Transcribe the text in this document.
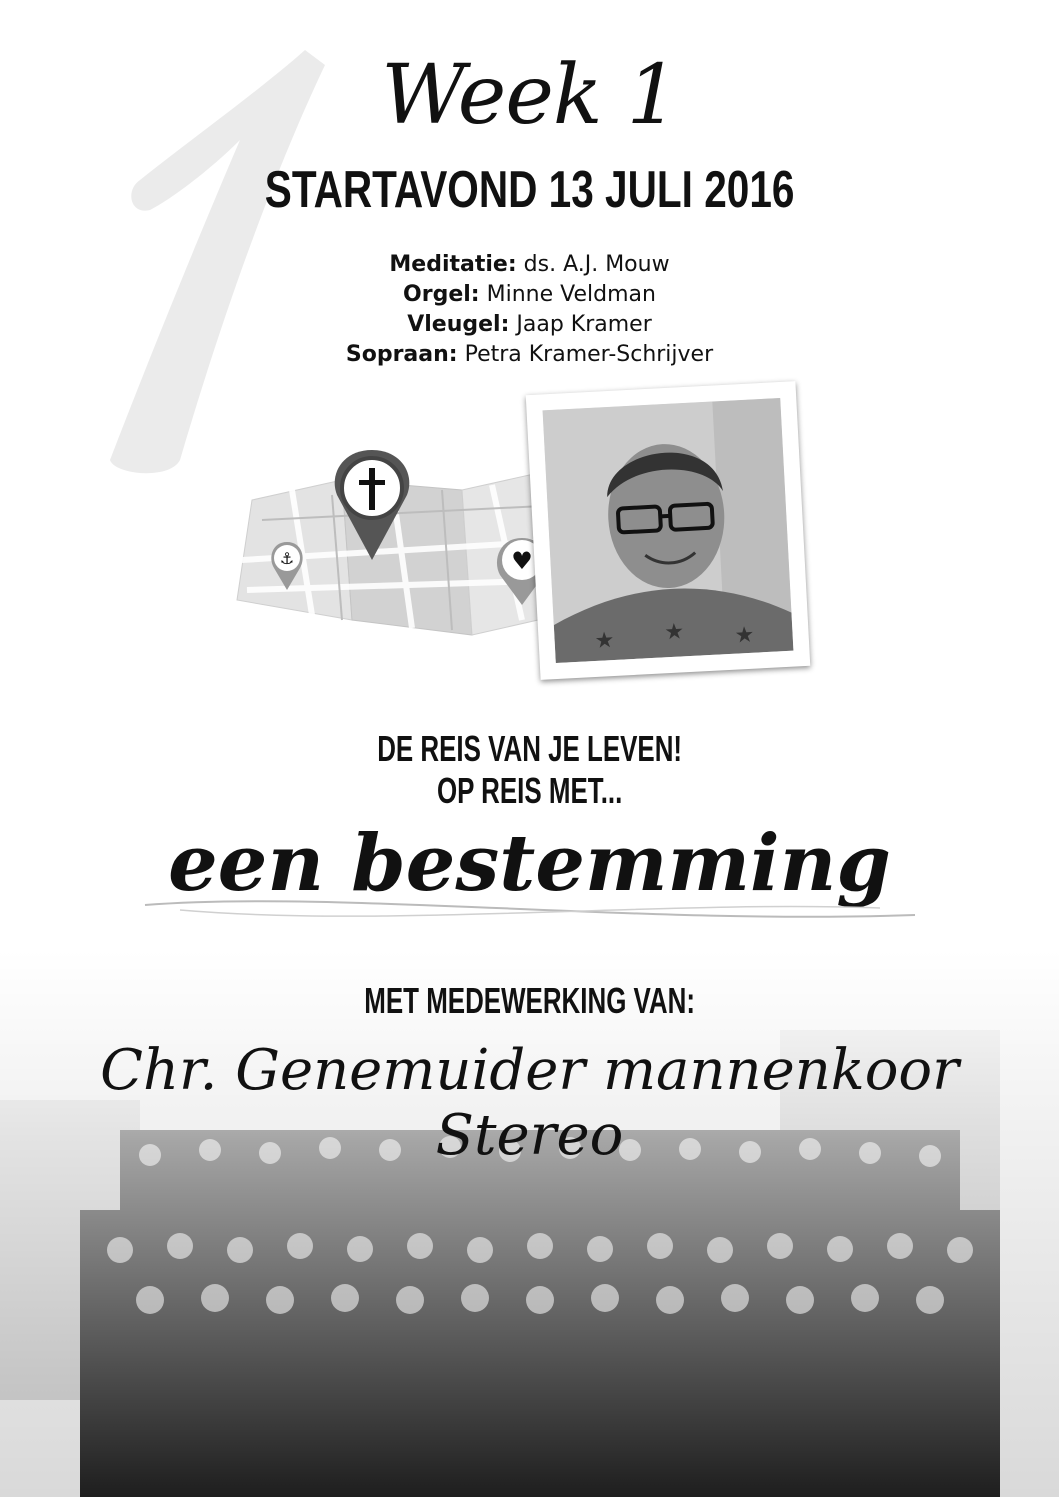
Week 1
STARTAVOND 13 JULI 2016
Meditatie: ds. A.J. Mouw
Orgel: Minne Veldman
Vleugel: Jaap Kramer
Sopraan: Petra Kramer-Schrijver
⚓	♥
★ ★ ★
DE REIS VAN JE LEVEN!
OP REIS MET...
een bestemming
MET MEDEWERKING VAN:
Chr. Genemuider mannenkoor Stereo
